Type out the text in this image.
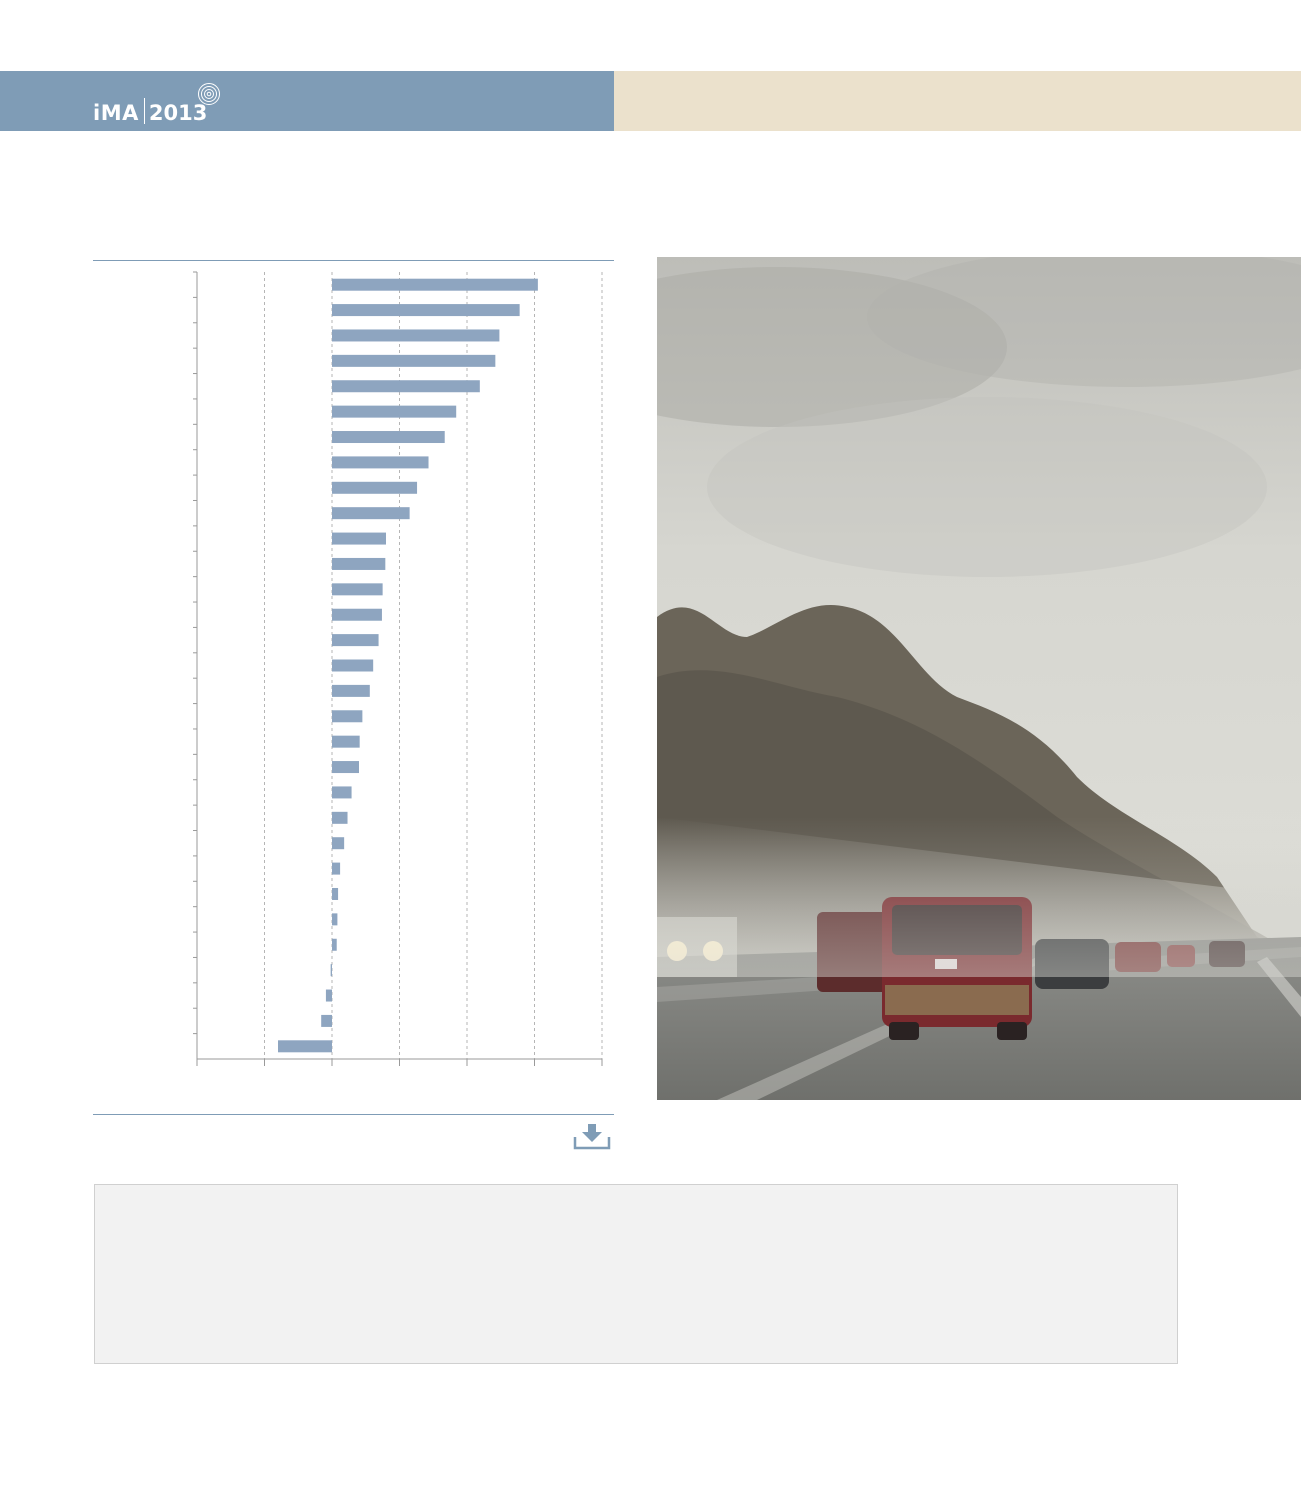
iMA 2013
